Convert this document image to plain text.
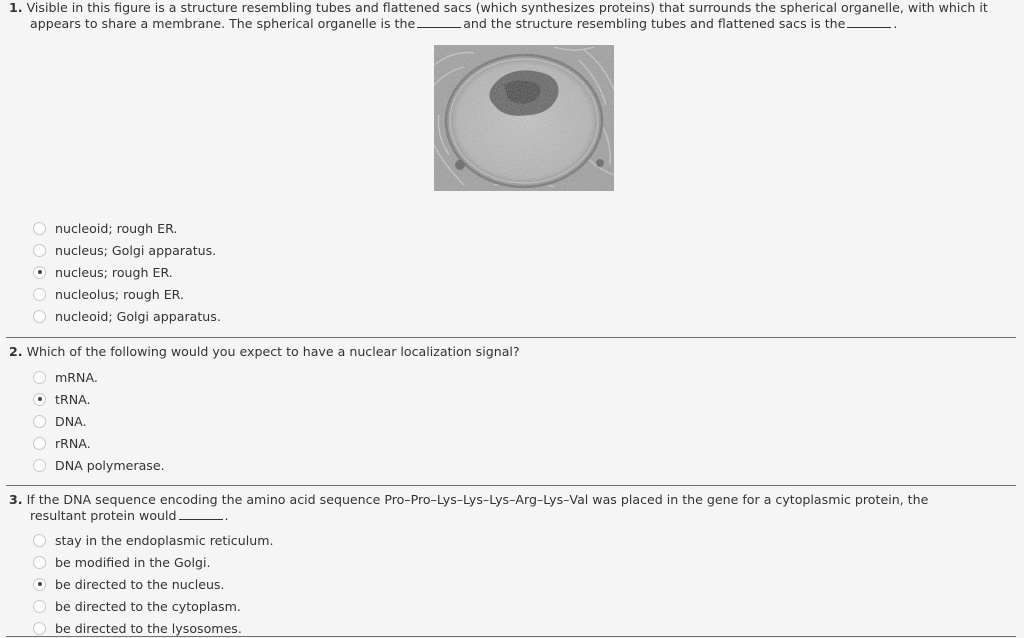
1. Visible in this figure is a structure resembling tubes and flattened sacs (which synthesizes proteins) that surrounds the spherical organelle, with which it
appears to share a membrane. The spherical organelle is the	and the structure resembling tubes and flattened sacs is the	.
nucleoid; rough ER.
nucleus; Golgi apparatus.
nucleus; rough ER.
nucleolus; rough ER.
nucleoid; Golgi apparatus.
2. Which of the following would you expect to have a nuclear localization signal?
mRNA.
tRNA.
DNA.
rRNA.
DNA polymerase.
3. If the DNA sequence encoding the amino acid sequence Pro–Pro–Lys–Lys–Lys–Arg–Lys–Val was placed in the gene for a cytoplasmic protein, the
resultant protein would	.
stay in the endoplasmic reticulum.
be modified in the Golgi.
be directed to the nucleus.
be directed to the cytoplasm.
be directed to the lysosomes.
